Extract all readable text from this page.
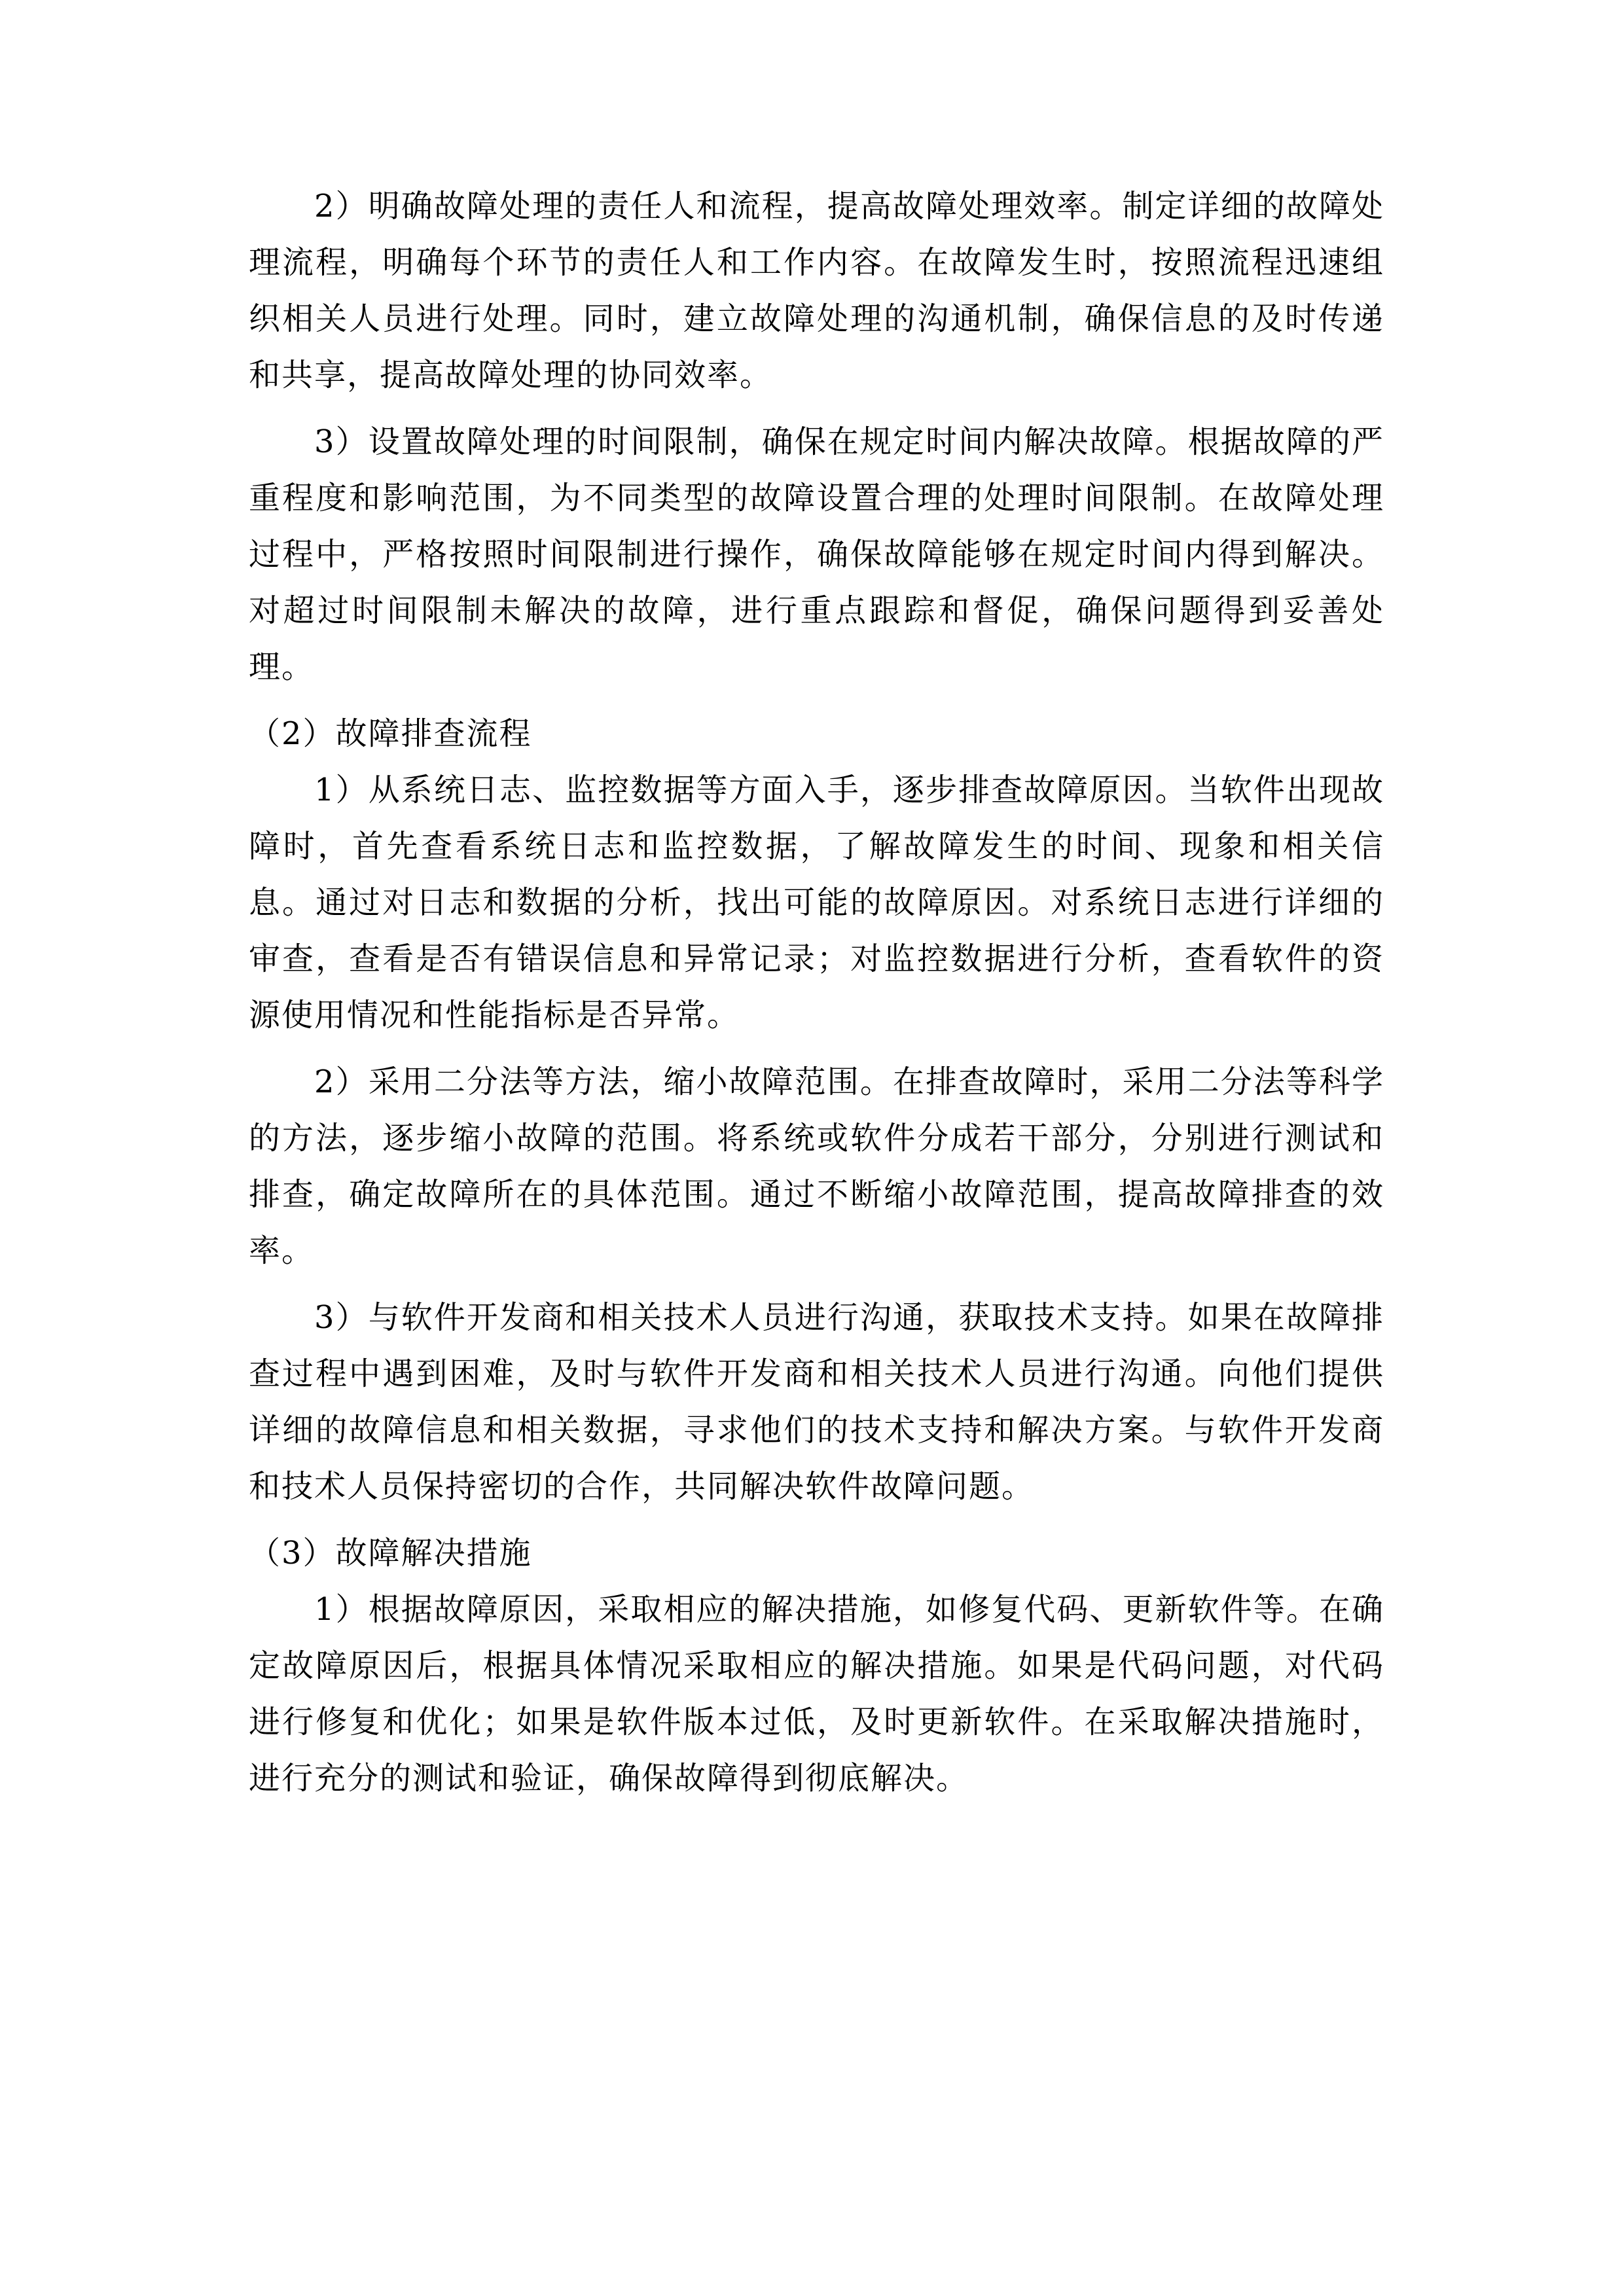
2）明确故障处理的责任人和流程，提高故障处理效率。制定详细的故障处理流程，明确每个环节的责任人和工作内容。在故障发生时，按照流程迅速组织相关人员进行处理。同时，建立故障处理的沟通机制，确保信息的及时传递和共享，提高故障处理的协同效率。

3）设置故障处理的时间限制，确保在规定时间内解决故障。根据故障的严重程度和影响范围，为不同类型的故障设置合理的处理时间限制。在故障处理过程中，严格按照时间限制进行操作，确保故障能够在规定时间内得到解决。对超过时间限制未解决的故障，进行重点跟踪和督促，确保问题得到妥善处理。

（2）故障排查流程

1）从系统日志、监控数据等方面入手，逐步排查故障原因。当软件出现故障时，首先查看系统日志和监控数据，了解故障发生的时间、现象和相关信息。通过对日志和数据的分析，找出可能的故障原因。对系统日志进行详细的审查，查看是否有错误信息和异常记录；对监控数据进行分析，查看软件的资源使用情况和性能指标是否异常。

2）采用二分法等方法，缩小故障范围。在排查故障时，采用二分法等科学的方法，逐步缩小故障的范围。将系统或软件分成若干部分，分别进行测试和排查，确定故障所在的具体范围。通过不断缩小故障范围，提高故障排查的效率。

3）与软件开发商和相关技术人员进行沟通，获取技术支持。如果在故障排查过程中遇到困难，及时与软件开发商和相关技术人员进行沟通。向他们提供详细的故障信息和相关数据，寻求他们的技术支持和解决方案。与软件开发商和技术人员保持密切的合作，共同解决软件故障问题。

（3）故障解决措施

1）根据故障原因，采取相应的解决措施，如修复代码、更新软件等。在确定故障原因后，根据具体情况采取相应的解决措施。如果是代码问题，对代码进行修复和优化；如果是软件版本过低，及时更新软件。在采取解决措施时，进行充分的测试和验证，确保故障得到彻底解决。
